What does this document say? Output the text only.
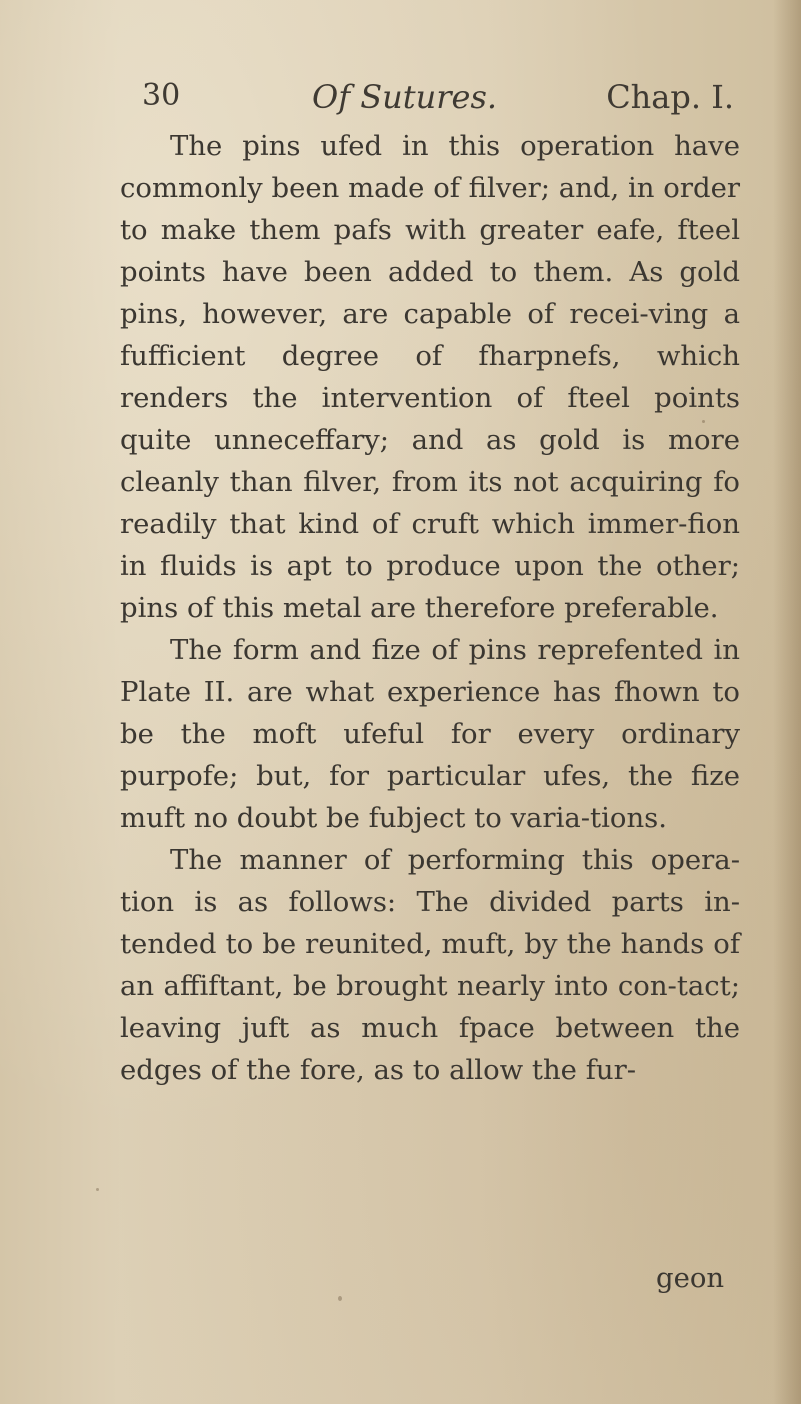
30	Of Sutures.	Chap. I.

The pins ufed in this operation have commonly been made of filver; and, in order to make them pafs with greater eafe, fteel points have been added to them. As gold pins, however, are capable of recei-ving a fufficient degree of fharpnefs, which renders the intervention of fteel points quite unneceffary; and as gold is more cleanly than filver, from its not acquiring fo readily that kind of cruft which immer-fion in fluids is apt to produce upon the other; pins of this metal are therefore preferable.

The form and fize of pins reprefented in Plate II. are what experience has fhown to be the moft ufeful for every ordinary purpofe; but, for particular ufes, the fize muft no doubt be fubject to varia-tions.

The manner of performing this opera-tion is as follows: The divided parts in-tended to be reunited, muft, by the hands of an affiftant, be brought nearly into con-tact; leaving juft as much fpace between the edges of the fore, as to allow the fur-

geon
